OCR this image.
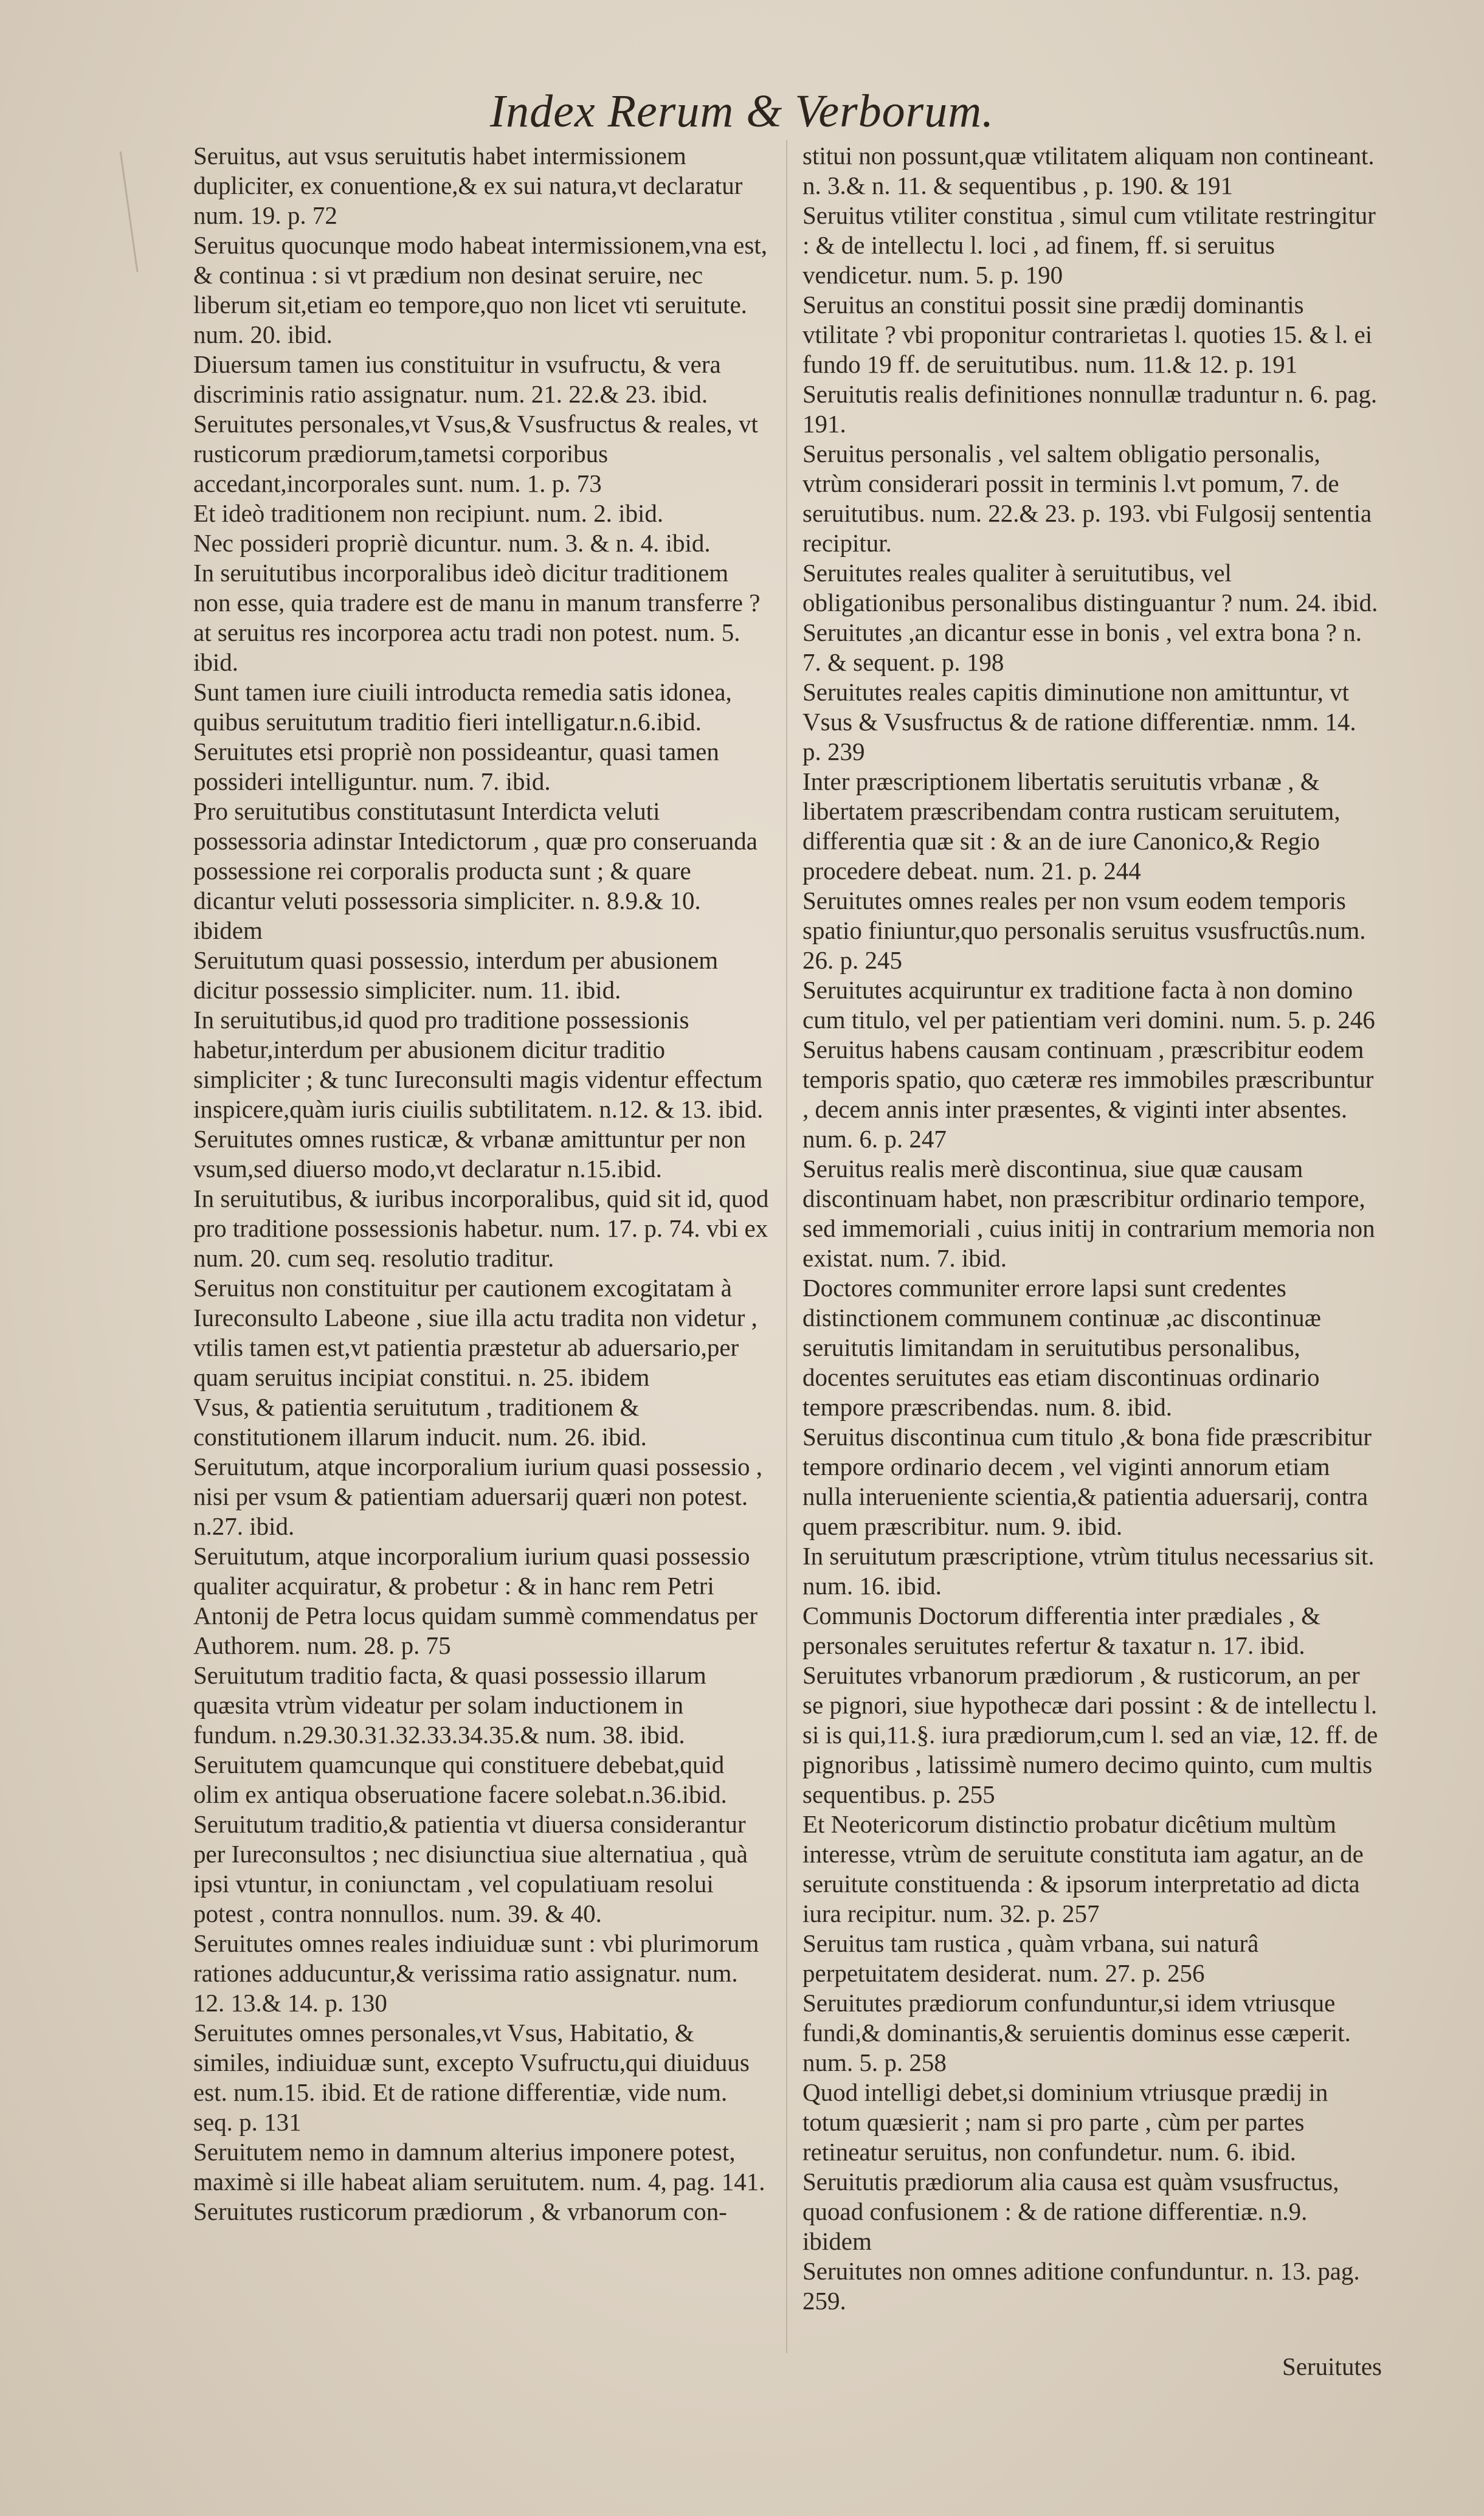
Index Rerum & Verborum.
Seruitus, aut vsus seruitutis habet intermissionem dupliciter, ex conuentione,& ex sui natura,vt declaratur num. 19. p. 72
Seruitus quocunque modo habeat intermissionem,vna est, & continua : si vt prædium non desinat seruire, nec liberum sit,etiam eo tempore,quo non licet vti seruitute. num. 20. ibid.
Diuersum tamen ius constituitur in vsufructu, & vera discriminis ratio assignatur. num. 21. 22.& 23. ibid.
Seruitutes personales,vt Vsus,& Vsusfructus & reales, vt rusticorum prædiorum,tametsi corporibus accedant,incorporales sunt. num. 1. p. 73
Et ideò traditionem non recipiunt. num. 2. ibid.
Nec possideri propriè dicuntur. num. 3. & n. 4. ibid.
In seruitutibus incorporalibus ideò dicitur traditionem non esse, quia tradere est de manu in manum transferre ? at seruitus res incorporea actu tradi non potest. num. 5. ibid.
Sunt tamen iure ciuili introducta remedia satis idonea, quibus seruitutum traditio fieri intelligatur.n.6.ibid.
Seruitutes etsi propriè non possideantur, quasi tamen possideri intelliguntur. num. 7. ibid.
Pro seruitutibus constitutasunt Interdicta veluti possessoria adinstar Intedictorum , quæ pro conseruanda possessione rei corporalis producta sunt ; & quare dicantur veluti possessoria simpliciter. n. 8.9.& 10. ibidem
Seruitutum quasi possessio, interdum per abusionem dicitur possessio simpliciter. num. 11. ibid.
In seruitutibus,id quod pro traditione possessionis habetur,interdum per abusionem dicitur traditio simpliciter ; & tunc Iureconsulti magis videntur effectum inspicere,quàm iuris ciuilis subtilitatem. n.12. & 13. ibid.
Seruitutes omnes rusticæ, & vrbanæ amittuntur per non vsum,sed diuerso modo,vt declaratur n.15.ibid.
In seruitutibus, & iuribus incorporalibus, quid sit id, quod pro traditione possessionis habetur. num. 17. p. 74. vbi ex num. 20. cum seq. resolutio traditur.
Seruitus non constituitur per cautionem excogitatam à Iureconsulto Labeone , siue illa actu tradita non videtur , vtilis tamen est,vt patientia præstetur ab aduersario,per quam seruitus incipiat constitui. n. 25. ibidem
Vsus, & patientia seruitutum , traditionem & constitutionem illarum inducit. num. 26. ibid.
Seruitutum, atque incorporalium iurium quasi possessio , nisi per vsum & patientiam aduersarij quæri non potest. n.27. ibid.
Seruitutum, atque incorporalium iurium quasi possessio qualiter acquiratur, & probetur : & in hanc rem Petri Antonij de Petra locus quidam summè commendatus per Authorem. num. 28. p. 75
Seruitutum traditio facta, & quasi possessio illarum quæsita vtrùm videatur per solam inductionem in fundum. n.29.30.31.32.33.34.35.& num. 38. ibid.
Seruitutem quamcunque qui constituere debebat,quid olim ex antiqua obseruatione facere solebat.n.36.ibid.
Seruitutum traditio,& patientia vt diuersa considerantur per Iureconsultos ; nec disiunctiua siue alternatiua , quà ipsi vtuntur, in coniunctam , vel copulatiuam resolui potest , contra nonnullos. num. 39. & 40.
Seruitutes omnes reales indiuiduæ sunt : vbi plurimorum rationes adducuntur,& verissima ratio assignatur. num. 12. 13.& 14. p. 130
Seruitutes omnes personales,vt Vsus, Habitatio, & similes, indiuiduæ sunt, excepto Vsufructu,qui diuiduus est. num.15. ibid. Et de ratione differentiæ, vide num. seq. p. 131
Seruitutem nemo in damnum alterius imponere potest, maximè si ille habeat aliam seruitutem. num. 4, pag. 141.
Seruitutes rusticorum prædiorum , & vrbanorum con-
stitui non possunt,quæ vtilitatem aliquam non contineant. n. 3.& n. 11. & sequentibus , p. 190. & 191
Seruitus vtiliter constitua , simul cum vtilitate restringitur : & de intellectu l. loci , ad finem, ff. si seruitus vendicetur. num. 5. p. 190
Seruitus an constitui possit sine prædij dominantis vtilitate ? vbi proponitur contrarietas l. quoties 15. & l. ei fundo 19 ff. de seruitutibus. num. 11.& 12. p. 191
Seruitutis realis definitiones nonnullæ traduntur n. 6. pag. 191.
Seruitus personalis , vel saltem obligatio personalis, vtrùm considerari possit in terminis l.vt pomum, 7. de seruitutibus. num. 22.& 23. p. 193. vbi Fulgosij sententia recipitur.
Seruitutes reales qualiter à seruitutibus, vel obligationibus personalibus distinguantur ? num. 24. ibid.
Seruitutes ,an dicantur esse in bonis , vel extra bona ? n. 7. & sequent. p. 198
Seruitutes reales capitis diminutione non amittuntur, vt Vsus & Vsusfructus & de ratione differentiæ. nmm. 14. p. 239
Inter præscriptionem libertatis seruitutis vrbanæ , & libertatem præscribendam contra rusticam seruitutem, differentia quæ sit : & an de iure Canonico,& Regio procedere debeat. num. 21. p. 244
Seruitutes omnes reales per non vsum eodem temporis spatio finiuntur,quo personalis seruitus vsusfructûs.num. 26. p. 245
Seruitutes acquiruntur ex traditione facta à non domino cum titulo, vel per patientiam veri domini. num. 5. p. 246
Seruitus habens causam continuam , præscribitur eodem temporis spatio, quo cæteræ res immobiles præscribuntur , decem annis inter præsentes, & viginti inter absentes. num. 6. p. 247
Seruitus realis merè discontinua, siue quæ causam discontinuam habet, non præscribitur ordinario tempore, sed immemoriali , cuius initij in contrarium memoria non existat. num. 7. ibid.
Doctores communiter errore lapsi sunt credentes distinctionem communem continuæ ,ac discontinuæ seruitutis limitandam in seruitutibus personalibus, docentes seruitutes eas etiam discontinuas ordinario tempore præscribendas. num. 8. ibid.
Seruitus discontinua cum titulo ,& bona fide præscribitur tempore ordinario decem , vel viginti annorum etiam nulla interueniente scientia,& patientia aduersarij, contra quem præscribitur. num. 9. ibid.
In seruitutum præscriptione, vtrùm titulus necessarius sit. num. 16. ibid.
Communis Doctorum differentia inter prædiales , & personales seruitutes refertur & taxatur n. 17. ibid.
Seruitutes vrbanorum prædiorum , & rusticorum, an per se pignori, siue hypothecæ dari possint : & de intellectu l. si is qui,11.§. iura prædiorum,cum l. sed an viæ, 12. ff. de pignoribus , latissimè numero decimo quinto, cum multis sequentibus. p. 255
Et Neotericorum distinctio probatur dicêtium multùm interesse, vtrùm de seruitute constituta iam agatur, an de seruitute constituenda : & ipsorum interpretatio ad dicta iura recipitur. num. 32. p. 257
Seruitus tam rustica , quàm vrbana, sui naturâ perpetuitatem desiderat. num. 27. p. 256
Seruitutes prædiorum confunduntur,si idem vtriusque fundi,& dominantis,& seruientis dominus esse cæperit. num. 5. p. 258
Quod intelligi debet,si dominium vtriusque prædij in totum quæsierit ; nam si pro parte , cùm per partes retineatur seruitus, non confundetur. num. 6. ibid.
Seruitutis prædiorum alia causa est quàm vsusfructus, quoad confusionem : & de ratione differentiæ. n.9. ibidem
Seruitutes non omnes aditione confunduntur. n. 13. pag. 259.
Seruitutes
